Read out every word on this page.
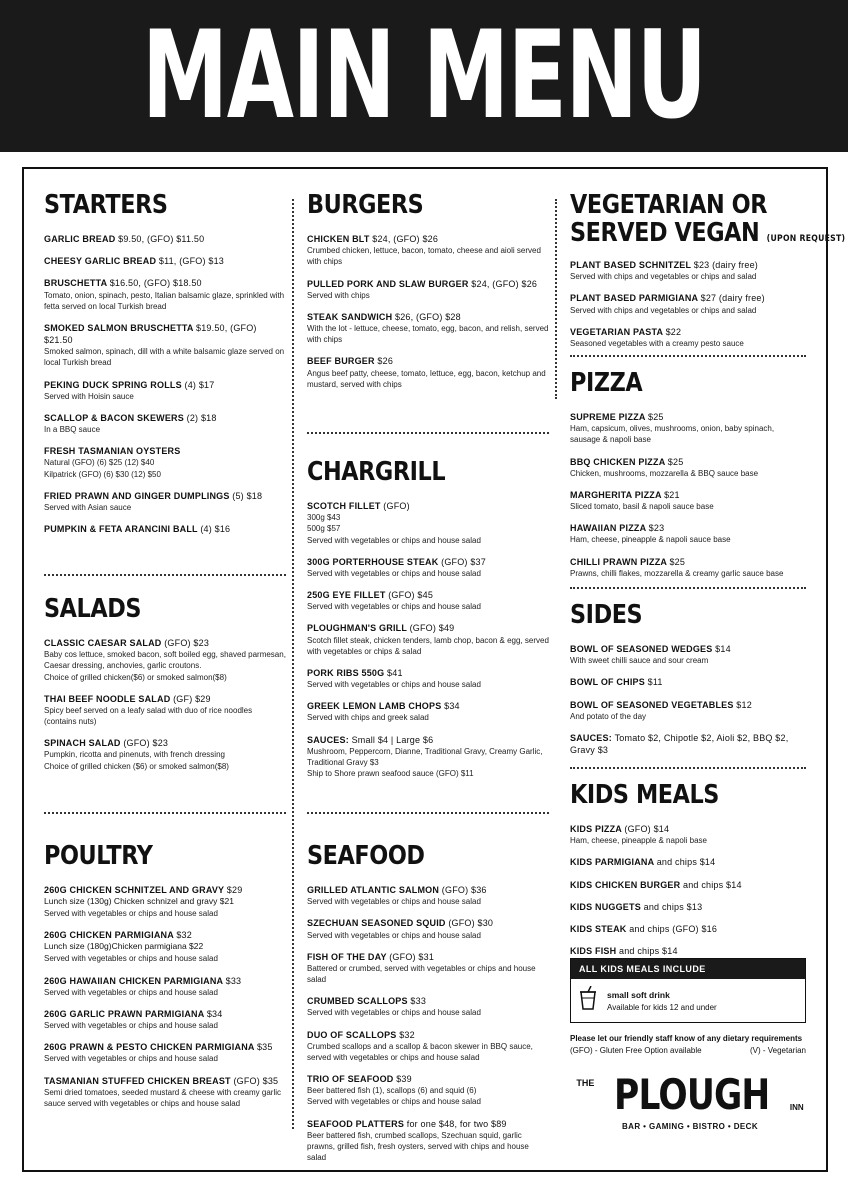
MAIN MENU
STARTERS
GARLIC BREAD $9.50, (GFO) $11.50
CHEESY GARLIC BREAD $11, (GFO) $13
BRUSCHETTA $16.50, (GFO) $18.50
Tomato, onion, spinach, pesto, Italian balsamic glaze, sprinkled with fetta served on local Turkish bread
SMOKED SALMON BRUSCHETTA $19.50, (GFO) $21.50
Smoked salmon, spinach, dill with a white balsamic glaze served on local Turkish bread
PEKING DUCK SPRING ROLLS (4) $17
Served with Hoisin sauce
SCALLOP & BACON SKEWERS (2) $18
In a BBQ sauce
FRESH TASMANIAN OYSTERS
Natural (GFO) (6) $25 (12) $40
Kilpatrick (GFO) (6) $30 (12) $50
FRIED PRAWN AND GINGER DUMPLINGS (5) $18
Served with Asian sauce
PUMPKIN & FETA ARANCINI BALL (4) $16
SALADS
CLASSIC CAESAR SALAD (GFO) $23
Baby cos lettuce, smoked bacon, soft boiled egg, shaved parmesan, Caesar dressing, anchovies, garlic croutons.
Choice of grilled chicken($6) or smoked salmon($8)
THAI BEEF NOODLE SALAD (GF) $29
Spicy beef served on a leafy salad with duo of rice noodles (contains nuts)
SPINACH SALAD (GFO) $23
Pumpkin, ricotta and pinenuts, with french dressing
Choice of grilled chicken ($6) or smoked salmon($8)
POULTRY
260G CHICKEN SCHNITZEL AND GRAVY $29
Lunch size (130g) Chicken schnizel and gravy $21
Served with vegetables or chips and house salad
260G CHICKEN PARMIGIANA $32
Lunch size (180g)Chicken parmigiana $22
Served with vegetables or chips and house salad
260G HAWAIIAN CHICKEN PARMIGIANA $33
Served with vegetables or chips and house salad
260G GARLIC PRAWN PARMIGIANA $34
Served with vegetables or chips and house salad
260G PRAWN & PESTO CHICKEN PARMIGIANA $35
Served with vegetables or chips and house salad
TASMANIAN STUFFED CHICKEN BREAST (GFO) $35
Semi dried tomatoes, seeded mustard & cheese with creamy garlic sauce served with vegetables or chips and house salad
BURGERS
CHICKEN BLT $24, (GFO) $26
Crumbed chicken, lettuce, bacon, tomato, cheese and aioli served with chips
PULLED PORK AND SLAW BURGER $24, (GFO) $26
Served with chips
STEAK SANDWICH $26, (GFO) $28
With the lot - lettuce, cheese, tomato, egg, bacon, and relish, served with chips
BEEF BURGER $26
Angus beef patty, cheese, tomato, lettuce, egg, bacon, ketchup and mustard, served with chips
CHARGRILL
SCOTCH FILLET (GFO)
300g $43
500g $57
Served with vegetables or chips and house salad
300G PORTERHOUSE STEAK (GFO) $37
Served with vegetables or chips and house salad
250G EYE FILLET (GFO) $45
Served with vegetables or chips and house salad
PLOUGHMAN'S GRILL (GFO) $49
Scotch fillet steak, chicken tenders, lamb chop, bacon & egg, served with vegetables or chips & salad
PORK RIBS 550G $41
Served with vegetables or chips and house salad
GREEK LEMON LAMB CHOPS $34
Served with chips and greek salad
SAUCES: Small $4 | Large $6
Mushroom, Peppercorn, Dianne, Traditional Gravy, Creamy Garlic, Traditional Gravy $3
Ship to Shore prawn seafood sauce (GFO) $11
SEAFOOD
GRILLED ATLANTIC SALMON (GFO) $36
Served with vegetables or chips and house salad
SZECHUAN SEASONED SQUID (GFO) $30
Served with vegetables or chips and house salad
FISH OF THE DAY (GFO) $31
Battered or crumbed, served with vegetables or chips and house salad
CRUMBED SCALLOPS $33
Served with vegetables or chips and house salad
DUO OF SCALLOPS $32
Crumbed scallops and a scallop & bacon skewer in BBQ sauce, served with vegetables or chips and house salad
TRIO OF SEAFOOD $39
Beer battered fish (1), scallops (6) and squid (6)
Served with vegetables or chips and house salad
SEAFOOD PLATTERS for one $48, for two $89
Beer battered fish, crumbed scallops, Szechuan squid, garlic prawns, grilled fish, fresh oysters, served with chips and house salad
VEGETARIAN OR
SERVED VEGAN (UPON REQUEST)
PLANT BASED SCHNITZEL $23 (dairy free)
Served with chips and vegetables or chips and salad
PLANT BASED PARMIGIANA $27 (dairy free)
Served with chips and vegetables or chips and salad
VEGETARIAN PASTA $22
Seasoned vegetables with a creamy pesto sauce
PIZZA
SUPREME PIZZA $25
Ham, capsicum, olives, mushrooms, onion, baby spinach, sausage & napoli base
BBQ CHICKEN PIZZA $25
Chicken, mushrooms, mozzarella & BBQ sauce base
MARGHERITA PIZZA $21
Sliced tomato, basil & napoli sauce base
HAWAIIAN PIZZA $23
Ham, cheese, pineapple & napoli sauce base
CHILLI PRAWN PIZZA $25
Prawns, chilli flakes, mozzarella & creamy garlic sauce base
SIDES
BOWL OF SEASONED WEDGES $14
With sweet chilli sauce and sour cream
BOWL OF CHIPS $11
BOWL OF SEASONED VEGETABLES $12
And potato of the day
SAUCES: Tomato $2, Chipotle $2, Aioli $2, BBQ $2, Gravy $3
KIDS MEALS
KIDS PIZZA (GFO) $14
Ham, cheese, pineapple & napoli base
KIDS PARMIGIANA and chips $14
KIDS CHICKEN BURGER and chips $14
KIDS NUGGETS and chips $13
KIDS STEAK and chips (GFO) $16
KIDS FISH and chips $14
ALL KIDS MEALS INCLUDE
small soft drink
Available for kids 12 and under
Please let our friendly staff know of any dietary requirements
(GFO) - Gluten Free Option available	(V) - Vegetarian
THE PLOUGH	INN
BAR • GAMING • BISTRO • DECK
